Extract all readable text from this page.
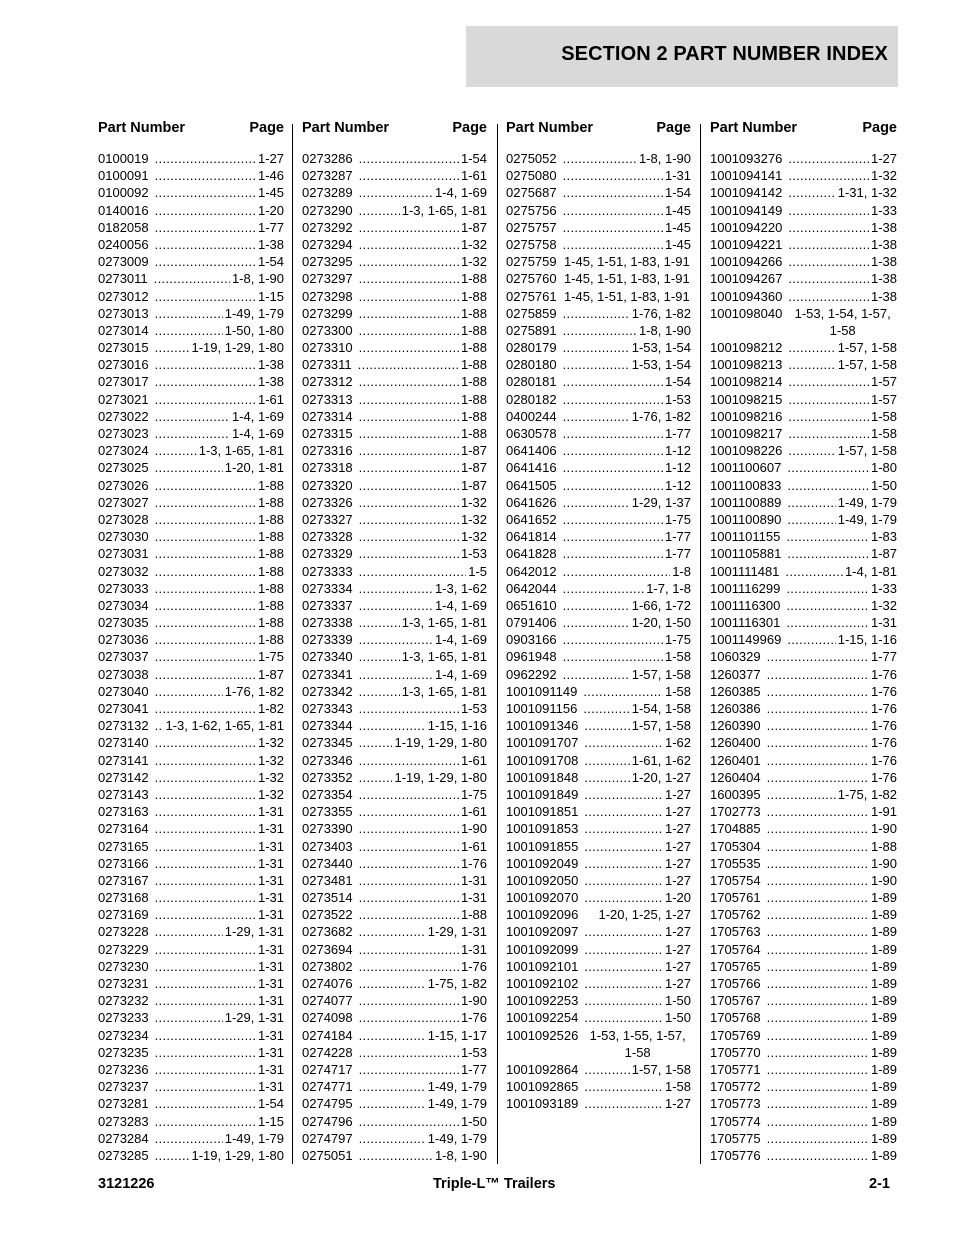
SECTION 2 PART NUMBER INDEX
Part Number	Page
0100019 .....	1-27
0100091 .....	1-46
0100092 .....	1-45
0140016 .....	1-20
0182058 .....	1-77
0240056 .....	1-38
0273009 .....	1-54
0273011 .....	1-8, 1-90
0273012 .....	1-15
0273013 .....	1-49, 1-79
0273014 .....	1-50, 1-80
0273015 .....	1-19, 1-29, 1-80
0273016 .....	1-38
0273017 .....	1-38
0273021 .....	1-61
0273022 .....	1-4, 1-69
0273023 .....	1-4, 1-69
0273024 .....	1-3, 1-65, 1-81
0273025 .....	1-20, 1-81
0273026 .....	1-88
0273027 .....	1-88
0273028 .....	1-88
0273030 .....	1-88
0273031 .....	1-88
0273032 .....	1-88
0273033 .....	1-88
0273034 .....	1-88
0273035 .....	1-88
0273036 .....	1-88
0273037 .....	1-75
0273038 .....	1-87
0273040 .....	1-76, 1-82
0273041 .....	1-82
0273132 ..... 1-3, 1-62, 1-65, 1-81
0273140 .....	1-32
0273141 .....	1-32
0273142 .....	1-32
0273143 .....	1-32
0273163 .....	1-31
0273164 .....	1-31
0273165 .....	1-31
0273166 .....	1-31
0273167 .....	1-31
0273168 .....	1-31
0273169 .....	1-31
0273228 .....	1-29, 1-31
0273229 .....	1-31
0273230 .....	1-31
0273231 .....	1-31
0273232 .....	1-31
0273233 .....	1-29, 1-31
0273234 .....	1-31
0273235 .....	1-31
0273236 .....	1-31
0273237 .....	1-31
0273281 .....	1-54
0273283 .....	1-15
0273284 .....	1-49, 1-79
0273285 .....	1-19, 1-29, 1-80
Part Number	Page
0273286 .....	1-54
0273287 .....	1-61
0273289 .....	1-4, 1-69
0273290 .....	1-3, 1-65, 1-81
0273292 .....	1-87
0273294 .....	1-32
0273295 .....	1-32
0273297 .....	1-88
0273298 .....	1-88
0273299 .....	1-88
0273300 .....	1-88
0273310 .....	1-88
0273311 .....	1-88
0273312 .....	1-88
0273313 .....	1-88
0273314 .....	1-88
0273315 .....	1-88
0273316 .....	1-87
0273318 .....	1-87
0273320 .....	1-87
0273326 .....	1-32
0273327 .....	1-32
0273328 .....	1-32
0273329 .....	1-53
0273333 .....	1-5
0273334 .....	1-3, 1-62
0273337 .....	1-4, 1-69
0273338 .....	1-3, 1-65, 1-81
0273339 .....	1-4, 1-69
0273340 .....	1-3, 1-65, 1-81
0273341 .....	1-4, 1-69
0273342 .....	1-3, 1-65, 1-81
0273343 .....	1-53
0273344 .....	1-15, 1-16
0273345 .....	1-19, 1-29, 1-80
0273346 .....	1-61
0273352 .....	1-19, 1-29, 1-80
0273354 .....	1-75
0273355 .....	1-61
0273390 .....	1-90
0273403 .....	1-61
0273440 .....	1-76
0273481 .....	1-31
0273514 .....	1-31
0273522 .....	1-88
0273682 .....	1-29, 1-31
0273694 .....	1-31
0273802 .....	1-76
0274076 .....	1-75, 1-82
0274077 .....	1-90
0274098 .....	1-76
0274184 .....	1-15, 1-17
0274228 .....	1-53
0274717 .....	1-77
0274771 .....	1-49, 1-79
0274795 .....	1-49, 1-79
0274796 .....	1-50
0274797 .....	1-49, 1-79
0275051 .....	1-8, 1-90
Part Number	Page
0275052 .....	1-8, 1-90
0275080 .....	1-31
0275687 .....	1-54
0275756 .....	1-45
0275757 .....	1-45
0275758 .....	1-45
0275759 1-45, 1-51, 1-83, 1-91
0275760 1-45, 1-51, 1-83, 1-91
0275761 1-45, 1-51, 1-83, 1-91
0275859 .....	1-76, 1-82
0275891 .....	1-8, 1-90
0280179 .....	1-53, 1-54
0280180 .....	1-53, 1-54
0280181 .....	1-54
0280182 .....	1-53
0400244 .....	1-76, 1-82
0630578 .....	1-77
0641406 .....	1-12
0641416 .....	1-12
0641505 .....	1-12
0641626 .....	1-29, 1-37
0641652 .....	1-75
0641814 .....	1-77
0641828 .....	1-77
0642012 .....	1-8
0642044 .....	1-7, 1-8
0651610 .....	1-66, 1-72
0791406 .....	1-20, 1-50
0903166 .....	1-75
0961948 .....	1-58
0962292 .....	1-57, 1-58
1001091149 .....	1-58
1001091156 .....	1-54, 1-58
1001091346 .....	1-57, 1-58
1001091707 .....	1-62
1001091708 .....	1-61, 1-62
1001091848 .....	1-20, 1-27
1001091849 .....	1-27
1001091851 .....	1-27
1001091853 .....	1-27
1001091855 .....	1-27
1001092049 .....	1-27
1001092050 .....	1-27
1001092070 .....	1-20
1001092096 1-20, 1-25, 1-27
1001092097 .....	1-27
1001092099 .....	1-27
1001092101 .....	1-27
1001092102 .....	1-27
1001092253 .....	1-50
1001092254 .....	1-50
1001092526 1-53, 1-55, 1-57, 1-58
1001092864 .....	1-57, 1-58
1001092865 .....	1-58
1001093189 .....	1-27
Part Number	Page
1001093276 .....	1-27
1001094141 .....	1-32
1001094142 .....	1-31, 1-32
1001094149 .....	1-33
1001094220 .....	1-38
1001094221 .....	1-38
1001094266 .....	1-38
1001094267 .....	1-38
1001094360 .....	1-38
1001098040 1-53, 1-54, 1-57, 1-58
1001098212 .....	1-57, 1-58
1001098213 .....	1-57, 1-58
1001098214 .....	1-57
1001098215 .....	1-57
1001098216 .....	1-58
1001098217 .....	1-58
1001098226 .....	1-57, 1-58
1001100607 .....	1-80
1001100833 .....	1-50
1001100889 .....	1-49, 1-79
1001100890 .....	1-49, 1-79
1001101155 .....	1-83
1001105881 .....	1-87
1001111481 .....	1-4, 1-81
1001116299 .....	1-33
1001116300 .....	1-32
1001116301 .....	1-31
1001149969 .....	1-15, 1-16
1060329 .....	1-77
1260377 .....	1-76
1260385 .....	1-76
1260386 .....	1-76
1260390 .....	1-76
1260400 .....	1-76
1260401 .....	1-76
1260404 .....	1-76
1600395 .....	1-75, 1-82
1702773 .....	1-91
1704885 .....	1-90
1705304 .....	1-88
1705535 .....	1-90
1705754 .....	1-90
1705761 .....	1-89
1705762 .....	1-89
1705763 .....	1-89
1705764 .....	1-89
1705765 .....	1-89
1705766 .....	1-89
1705767 .....	1-89
1705768 .....	1-89
1705769 .....	1-89
1705770 .....	1-89
1705771 .....	1-89
1705772 .....	1-89
1705773 .....	1-89
1705774 .....	1-89
1705775 .....	1-89
1705776 .....	1-89
3121226	Triple-L™ Trailers	2-1
